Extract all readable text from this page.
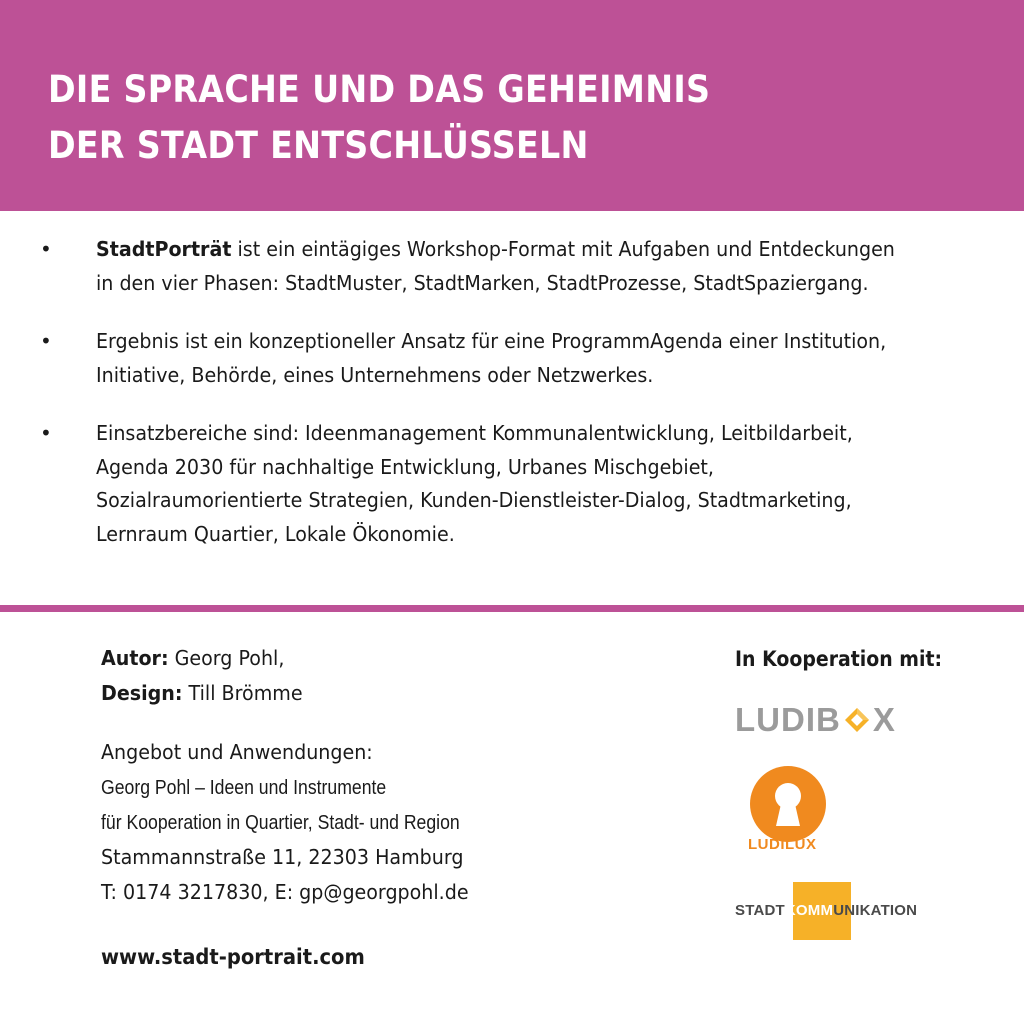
DIE SPRACHE UND DAS GEHEIMNIS
DER STADT ENTSCHLÜSSELN
• StadtPorträt ist ein eintägiges Workshop-Format mit Aufgaben und Entdeckungen
in den vier Phasen: StadtMuster, StadtMarken, StadtProzesse, StadtSpaziergang.
• Ergebnis ist ein konzeptioneller Ansatz für eine ProgrammAgenda einer Institution,
Initiative, Behörde, eines Unternehmens oder Netzwerkes.
• Einsatzbereiche sind: Ideenmanagement Kommunalentwicklung, Leitbildarbeit,
Agenda 2030 für nachhaltige Entwicklung, Urbanes Mischgebiet,
Sozialraumorientierte Strategien, Kunden-Dienstleister-Dialog, Stadtmarketing,
Lernraum Quartier, Lokale Ökonomie.
Autor: Georg Pohl,
Design: Till Brömme
Angebot und Anwendungen:
Georg Pohl – Ideen und Instrumente
für Kooperation in Quartier, Stadt- und Region
Stammannstraße 11, 22303 Hamburg
T: 0174 3217830, E: gp@georgpohl.de
www.stadt-portrait.com
In Kooperation mit:
LUDIB X
LUDILUX
STADTKOMMUNIKATION
